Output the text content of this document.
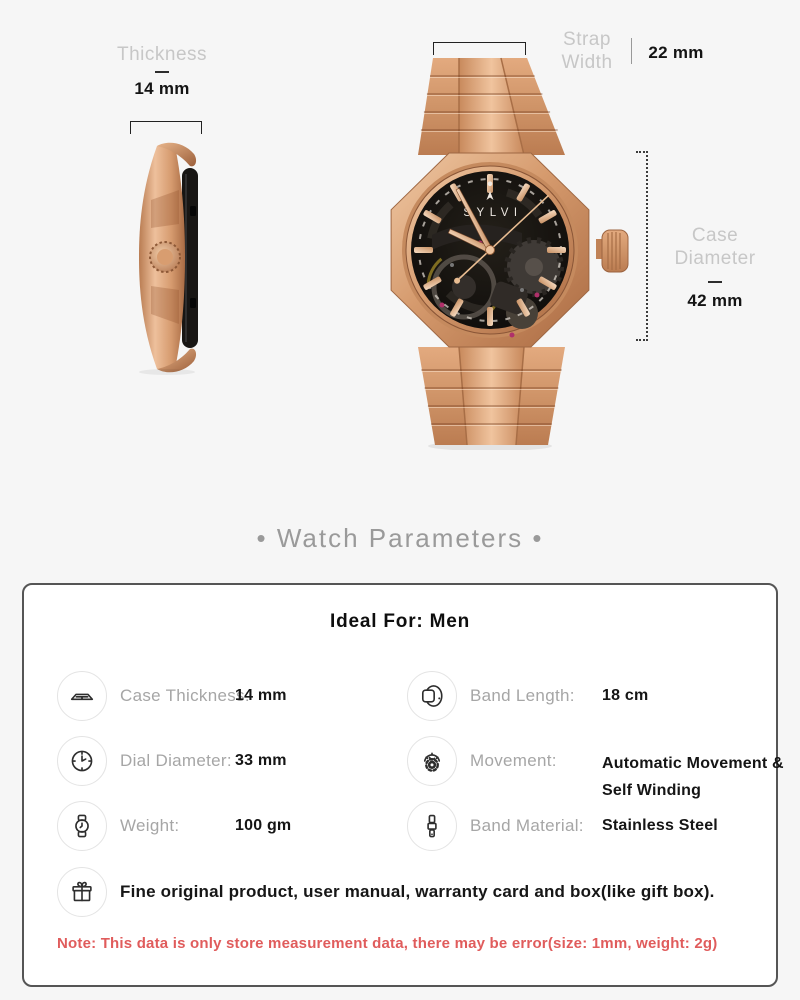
Thickness
14 mm
Strap
Width	22 mm
Case
Diameter
42 mm
SYLVI
• Watch Parameters •
Ideal For: Men
Case Thickness:
14 mm
Dial Diameter: 33 mm
Weight:	100 gm
Band Length: 18 cm
Movement:	Automatic Movement & Self Winding
Band Material: Stainless Steel
Fine original product, user manual, warranty card and box(like gift box).
Note: This data is only store measurement data, there may be error(size: 1mm, weight: 2g)
